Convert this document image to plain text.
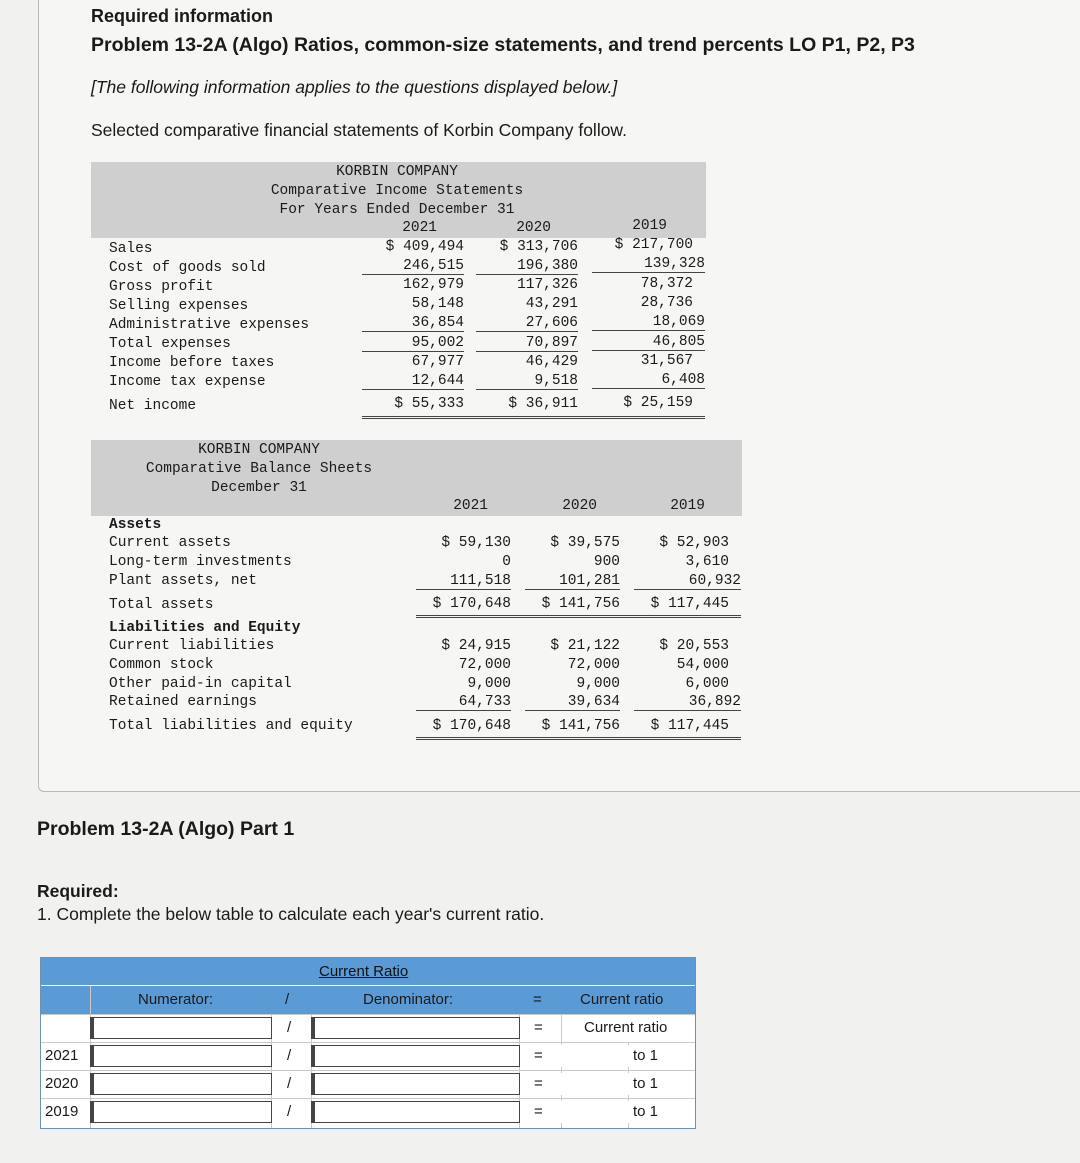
Required information
Problem 13-2A (Algo) Ratios, common-size statements, and trend percents LO P1, P2, P3
[The following information applies to the questions displayed below.]
Selected comparative financial statements of Korbin Company follow.
KORBIN COMPANY
Comparative Income Statements
For Years Ended December 31
2021	2020	2019
Sales	$ 409,494	$ 313,706	$ 217,700
Cost of goods sold	246,515	196,380	139,328
Gross profit	162,979	117,326	78,372
Selling expenses	58,148	43,291	28,736
Administrative expenses	36,854	27,606	18,069
Total expenses	95,002	70,897	46,805
Income before taxes	67,977	46,429	31,567
Income tax expense	12,644	9,518	6,408
Net income	$ 55,333	$ 36,911	$ 25,159
KORBIN COMPANY
Comparative Balance Sheets
December 31
2021	2020	2019
Assets
Current assets	$ 59,130	$ 39,575	$ 52,903
Long-term investments	0	900	3,610
Plant assets, net	111,518	101,281	60,932
Total assets	$ 170,648	$ 141,756	$ 117,445
Liabilities and Equity
Current liabilities	$ 24,915	$ 21,122	$ 20,553
Common stock	72,000	72,000	54,000
Other paid-in capital	9,000	9,000	6,000
Retained earnings	64,733	39,634	36,892
Total liabilities and equity	$ 170,648	$ 141,756	$ 117,445
Problem 13-2A (Algo) Part 1
Required:
1. Complete the below table to calculate each year's current ratio.
Current Ratio
Numerator:	/	Denominator:	=	Current ratio
/	=	Current ratio
2021	/	=	to 1
2020	/	=	to 1
2019	/	=	to 1
